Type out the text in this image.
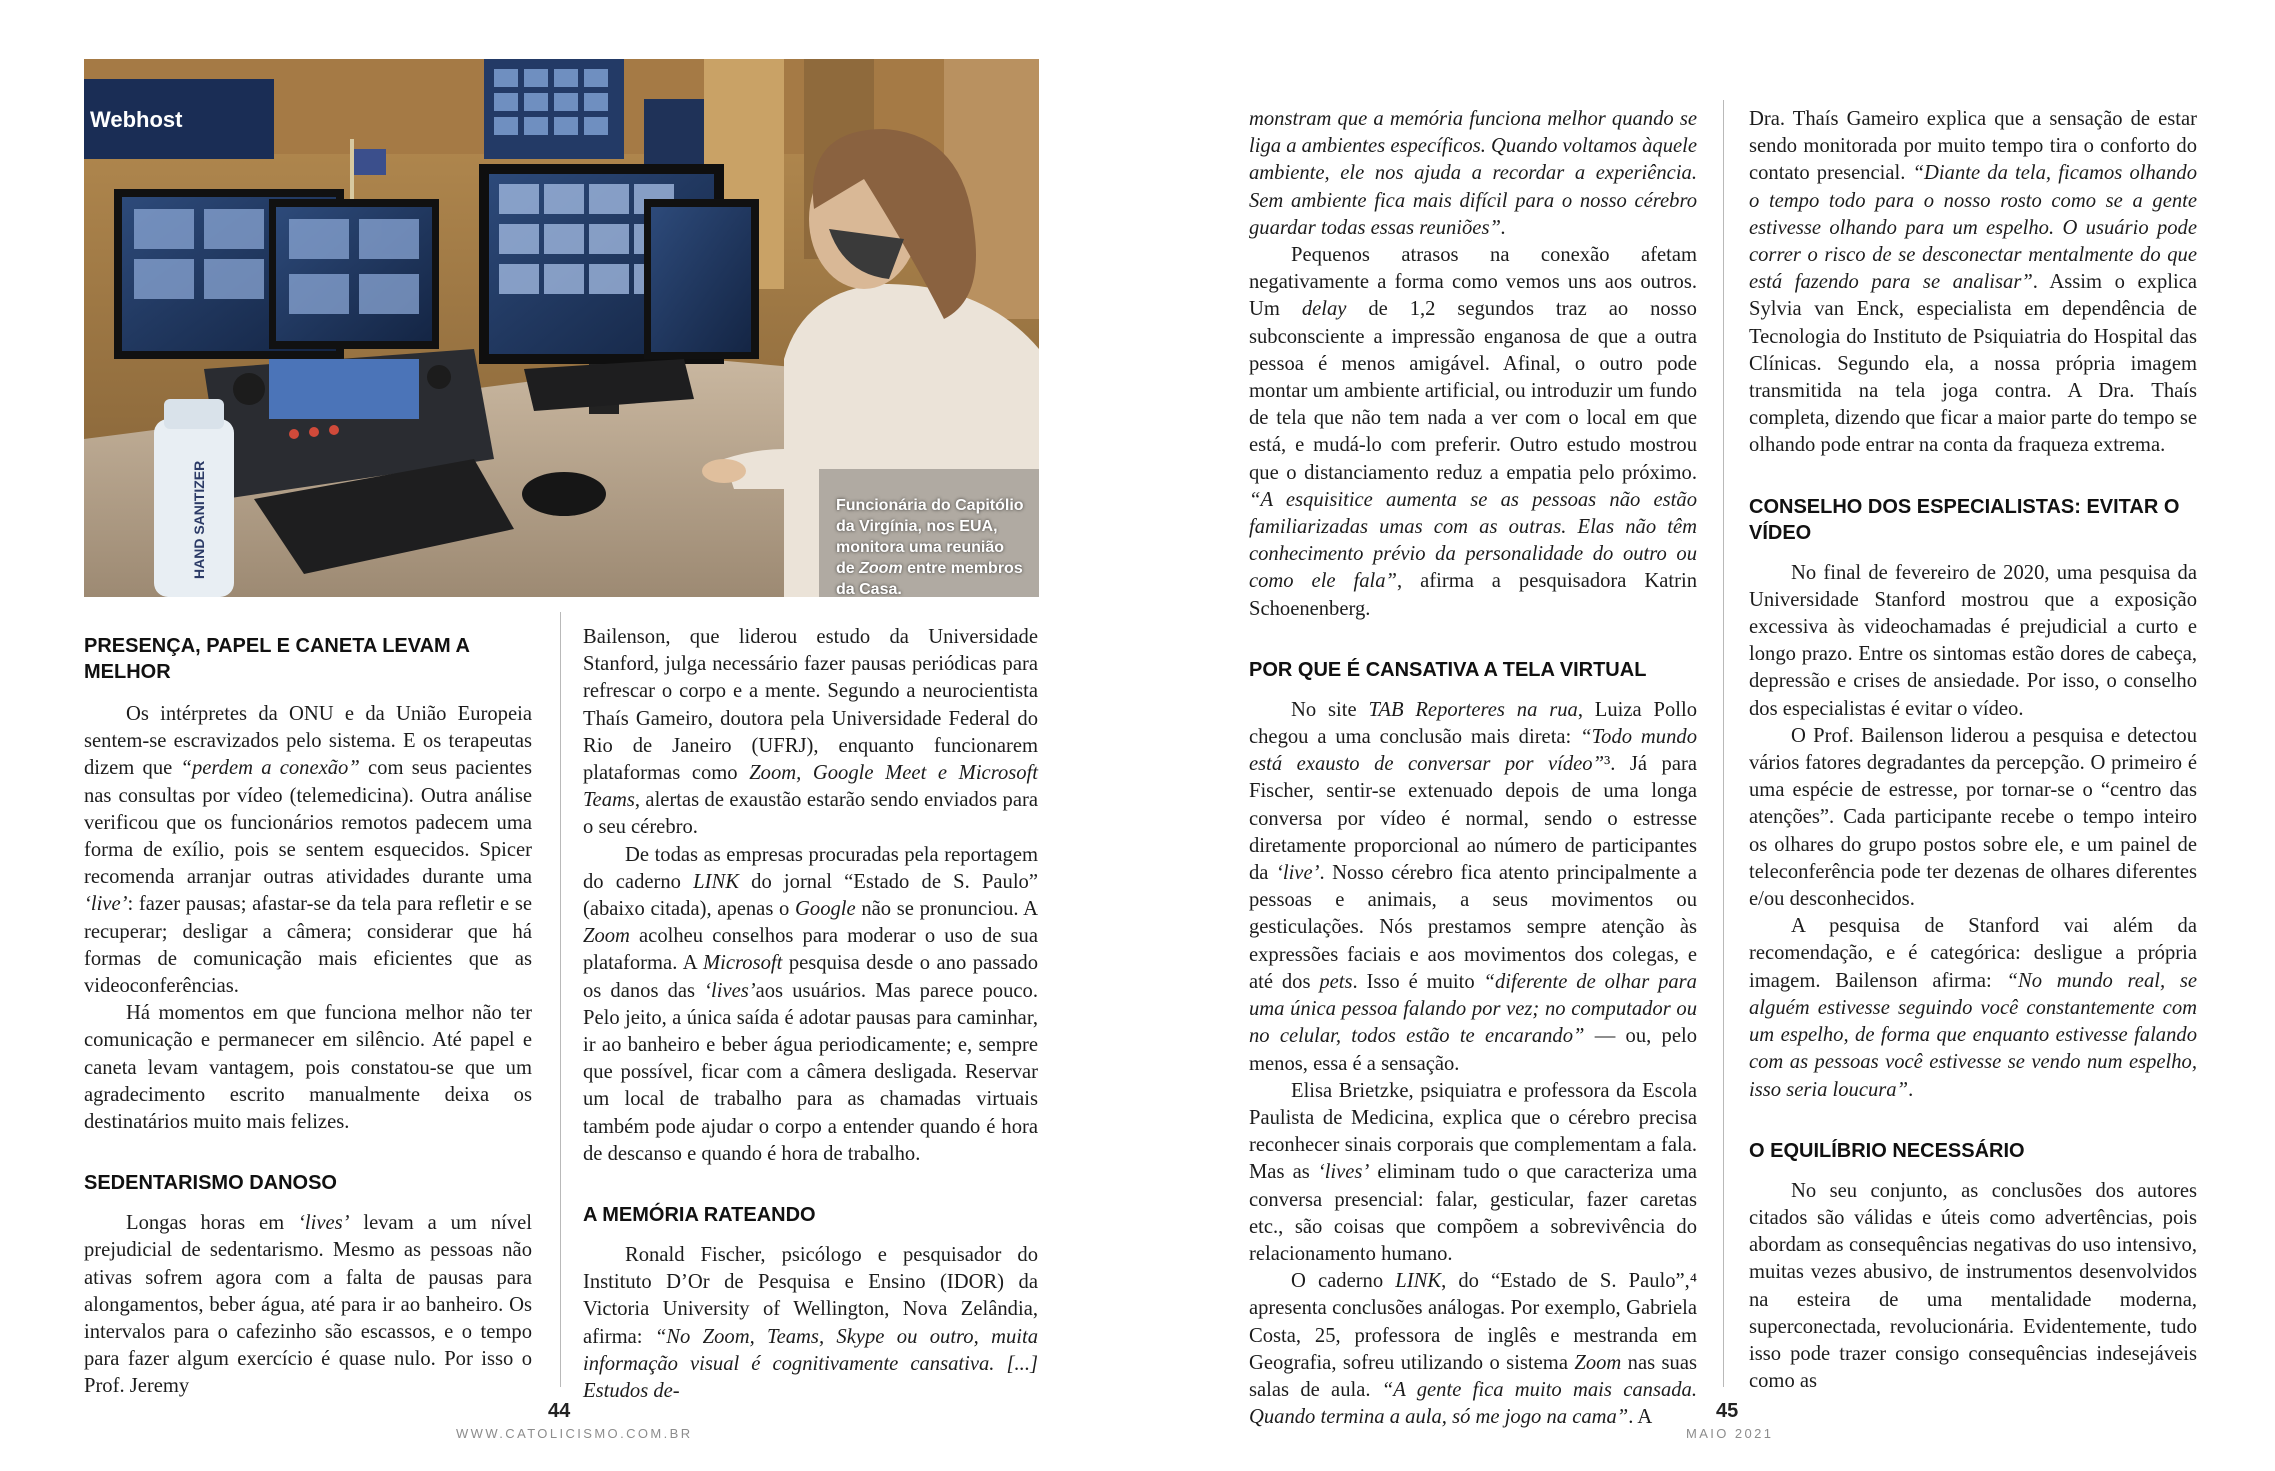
Webhost
HAND SANITIZER	Funcionária do Capitólio da Virgínia, nos EUA, monitora uma reunião de Zoom entre membros da Casa.
PRESENÇA, PAPEL E CANETA LEVAM A MELHOR

Os intérpretes da ONU e da União Europeia sentem-se escravizados pelo sistema. E os terapeutas dizem que “perdem a conexão” com seus pacientes nas consultas por vídeo (telemedicina). Outra análise verificou que os funcionários remotos padecem uma forma de exílio, pois se sentem esquecidos. Spicer recomenda arranjar outras atividades durante uma ‘live’: fazer pausas; afastar-se da tela para refletir e se recuperar; desligar a câmera; considerar que há formas de comunicação mais eficientes que as videoconferências.

Há momentos em que funciona melhor não ter comunicação e permanecer em silêncio. Até papel e caneta levam vantagem, pois constatou-se que um agradecimento escrito manualmente deixa os destinatários muito mais felizes.

SEDENTARISMO DANOSO

Longas horas em ‘lives’ levam a um nível prejudicial de sedentarismo. Mesmo as pessoas não ativas sofrem agora com a falta de pausas para alongamentos, beber água, até para ir ao banheiro. Os intervalos para o cafezinho são escassos, e o tempo para fazer algum exercício é quase nulo. Por isso o Prof. Jeremy

Bailenson, que liderou estudo da Universidade Stanford, julga necessário fazer pausas periódicas para refrescar o corpo e a mente. Segundo a neurocientista Thaís Gameiro, doutora pela Universidade Federal do Rio de Janeiro (UFRJ), enquanto funcionarem plataformas como Zoom, Google Meet e Microsoft Teams, alertas de exaustão estarão sendo enviados para o seu cérebro.

De todas as empresas procuradas pela reportagem do caderno LINK do jornal “Estado de S. Paulo” (abaixo citada), apenas o Google não se pronunciou. A Zoom acolheu conselhos para moderar o uso de sua plataforma. A Microsoft pesquisa desde o ano passado os danos das ‘lives’aos usuários. Mas parece pouco. Pelo jeito, a única saída é adotar pausas para caminhar, ir ao banheiro e beber água periodicamente; e, sempre que possível, ficar com a câmera desligada. Reservar um local de trabalho para as chamadas virtuais também pode ajudar o corpo a entender quando é hora de descanso e quando é hora de trabalho.

A MEMÓRIA RATEANDO

Ronald Fischer, psicólogo e pesquisador do Instituto D’Or de Pesquisa e Ensino (IDOR) da Victoria University of Wellington, Nova Zelândia, afirma: “No Zoom, Teams, Skype ou outro, muita informação visual é cognitivamente cansativa. [...] Estudos de-

44
WWW.CATOLICISMO.COM.BR

monstram que a memória funciona melhor quando se liga a ambientes específicos. Quando voltamos àquele ambiente, ele nos ajuda a recordar a experiência. Sem ambiente fica mais difícil para o nosso cérebro guardar todas essas reuniões”.

Pequenos atrasos na conexão afetam negativamente a forma como vemos uns aos outros. Um delay de 1,2 segundos traz ao nosso subconsciente a impressão enganosa de que a outra pessoa é menos amigável. Afinal, o outro pode montar um ambiente artificial, ou introduzir um fundo de tela que não tem nada a ver com o local em que está, e mudá-lo com preferir. Outro estudo mostrou que o distanciamento reduz a empatia pelo próximo. “A esquisitice aumenta se as pessoas não estão familiarizadas umas com as outras. Elas não têm conhecimento prévio da personalidade do outro ou como ele fala”, afirma a pesquisadora Katrin Schoenenberg.

POR QUE É CANSATIVA A TELA VIRTUAL

No site TAB Reporteres na rua, Luiza Pollo chegou a uma conclusão mais direta: “Todo mundo está exausto de conversar por vídeo”³. Já para Fischer, sentir-se extenuado depois de uma longa conversa por vídeo é normal, sendo o estresse diretamente proporcional ao número de participantes da ‘live’. Nosso cérebro fica atento principalmente a pessoas e animais, a seus movimentos ou gesticulações. Nós prestamos sempre atenção às expressões faciais e aos movimentos dos colegas, e até dos pets. Isso é muito “diferente de olhar para uma única pessoa falando por vez; no computador ou no celular, todos estão te encarando” — ou, pelo menos, essa é a sensação.

Elisa Brietzke, psiquiatra e professora da Escola Paulista de Medicina, explica que o cérebro precisa reconhecer sinais corporais que complementam a fala. Mas as ‘lives’ eliminam tudo o que caracteriza uma conversa presencial: falar, gesticular, fazer caretas etc., são coisas que compõem a sobrevivência do relacionamento humano.

O caderno LINK, do “Estado de S. Paulo”,⁴ apresenta conclusões análogas. Por exemplo, Gabriela Costa, 25, professora de inglês e mestranda em Geografia, sofreu utilizando o sistema Zoom nas suas salas de aula. “A gente fica muito mais cansada. Quando termina a aula, só me jogo na cama”. A

Dra. Thaís Gameiro explica que a sensação de estar sendo monitorada por muito tempo tira o conforto do contato presencial. “Diante da tela, ficamos olhando o tempo todo para o nosso rosto como se a gente estivesse olhando para um espelho. O usuário pode correr o risco de se desconectar mentalmente do que está fazendo para se analisar”. Assim o explica Sylvia van Enck, especialista em dependência de Tecnologia do Instituto de Psiquiatria do Hospital das Clínicas. Segundo ela, a nossa própria imagem transmitida na tela joga contra. A Dra. Thaís completa, dizendo que ficar a maior parte do tempo se olhando pode entrar na conta da fraqueza extrema.

CONSELHO DOS ESPECIALISTAS: EVITAR O VÍDEO

No final de fevereiro de 2020, uma pesquisa da Universidade Stanford mostrou que a exposição excessiva às videochamadas é prejudicial a curto e longo prazo. Entre os sintomas estão dores de cabeça, depressão e crises de ansiedade. Por isso, o conselho dos especialistas é evitar o vídeo.

O Prof. Bailenson liderou a pesquisa e detectou vários fatores degradantes da percepção. O primeiro é uma espécie de estresse, por tornar-se o “centro das atenções”. Cada participante recebe o tempo inteiro os olhares do grupo postos sobre ele, e um painel de teleconferência pode ter dezenas de olhares diferentes e/ou desconhecidos.

A pesquisa de Stanford vai além da recomendação, e é categórica: desligue a própria imagem. Bailenson afirma: “No mundo real, se alguém estivesse seguindo você constantemente com um espelho, de forma que enquanto estivesse falando com as pessoas você estivesse se vendo num espelho, isso seria loucura”.

O EQUILÍBRIO NECESSÁRIO

No seu conjunto, as conclusões dos autores citados são válidas e úteis como advertências, pois abordam as consequências negativas do uso intensivo, muitas vezes abusivo, de instrumentos desenvolvidos na esteira de uma mentalidade moderna, superconectada, revolucionária. Evidentemente, tudo isso pode trazer consigo consequências indesejáveis como as

45
MAIO 2021
